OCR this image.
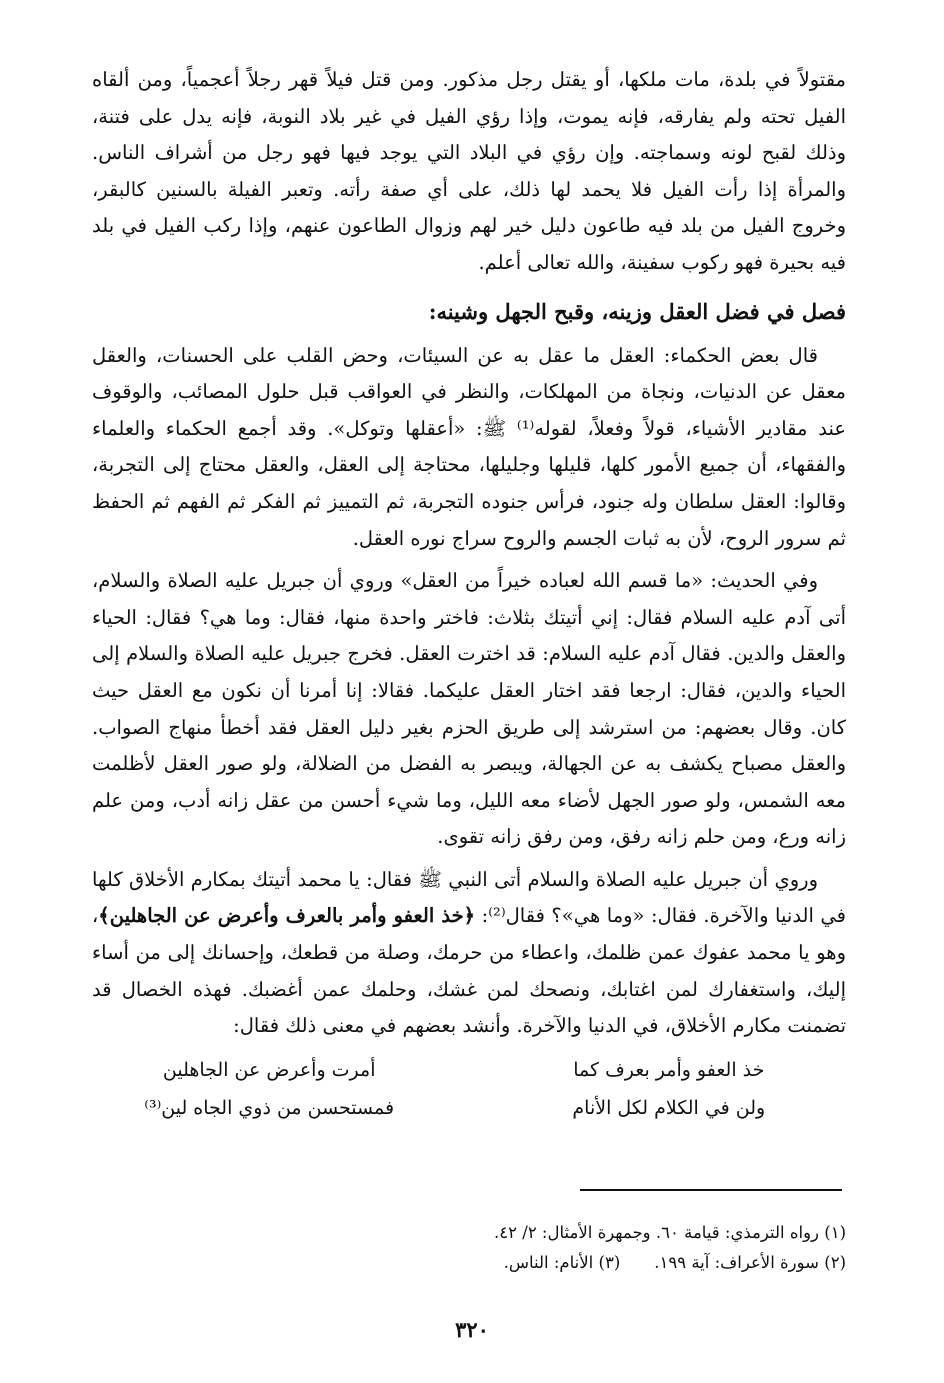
مقتولاً في بلدة، مات ملكها، أو يقتل رجل مذكور. ومن قتل فيلاً قهر رجلاً أعجمياً، ومن ألقاه الفيل تحته ولم يفارقه، فإنه يموت، وإذا رؤي الفيل في غير بلاد النوبة، فإنه يدل على فتنة، وذلك لقبح لونه وسماجته. وإن رؤي في البلاد التي يوجد فيها فهو رجل من أشراف الناس. والمرأة إذا رأت الفيل فلا يحمد لها ذلك، على أي صفة رأته. وتعبر الفيلة بالسنين كالبقر، وخروج الفيل من بلد فيه طاعون دليل خير لهم وزوال الطاعون عنهم، وإذا ركب الفيل في بلد فيه بحيرة فهو ركوب سفينة، والله تعالى أعلم.

فصل في فضل العقل وزينه، وقبح الجهل وشينه:

قال بعض الحكماء: العقل ما عقل به عن السيئات، وحض القلب على الحسنات، والعقل معقل عن الدنيات، ونجاة من المهلكات، والنظر في العواقب قبل حلول المصائب، والوقوف عند مقادير الأشياء، قولاً وفعلاً، لقوله⁽¹⁾ ﷺ: «أعقلها وتوكل». وقد أجمع الحكماء والعلماء والفقهاء، أن جميع الأمور كلها، قليلها وجليلها، محتاجة إلى العقل، والعقل محتاج إلى التجربة، وقالوا: العقل سلطان وله جنود، فرأس جنوده التجربة، ثم التمييز ثم الفكر ثم الفهم ثم الحفظ ثم سرور الروح، لأن به ثبات الجسم والروح سراج نوره العقل.

وفي الحديث: «ما قسم الله لعباده خيراً من العقل» وروي أن جبريل عليه الصلاة والسلام، أتى آدم عليه السلام فقال: إني أتيتك بثلاث: فاختر واحدة منها، فقال: وما هي؟ فقال: الحياء والعقل والدين. فقال آدم عليه السلام: قد اخترت العقل. فخرج جبريل عليه الصلاة والسلام إلى الحياء والدين، فقال: ارجعا فقد اختار العقل عليكما. فقالا: إنا أمرنا أن نكون مع العقل حيث كان. وقال بعضهم: من استرشد إلى طريق الحزم بغير دليل العقل فقد أخطأ منهاج الصواب. والعقل مصباح يكشف به عن الجهالة، ويبصر به الفضل من الضلالة، ولو صور العقل لأظلمت معه الشمس، ولو صور الجهل لأضاء معه الليل، وما شيء أحسن من عقل زانه أدب، ومن علم زانه ورع، ومن حلم زانه رفق، ومن رفق زانه تقوى.

وروي أن جبريل عليه الصلاة والسلام أتى النبي ﷺ فقال: يا محمد أتيتك بمكارم الأخلاق كلها في الدنيا والآخرة. فقال: «وما هي»؟ فقال⁽²⁾: ﴿خذ العفو وأمر بالعرف وأعرض عن الجاهلين﴾، وهو يا محمد عفوك عمن ظلمك، واعطاء من حرمك، وصلة من قطعك، وإحسانك إلى من أساء إليك، واستغفارك لمن اغتابك، ونصحك لمن غشك، وحلمك عمن أغضبك. فهذه الخصال قد تضمنت مكارم الأخلاق، في الدنيا والآخرة. وأنشد بعضهم في معنى ذلك فقال:

خذ العفو وأمر بعرف كما
أمرت وأعرض عن الجاهلين
ولن في الكلام لكل الأنام
فمستحسن من ذوي الجاه لين⁽³⁾
(١) رواه الترمذي: قيامة ٦٠. وجمهرة الأمثال: ٢/ ٤٢.
(٢) سورة الأعراف: آية ١٩٩.
(٣) الأنام: الناس.
٣٢٠
